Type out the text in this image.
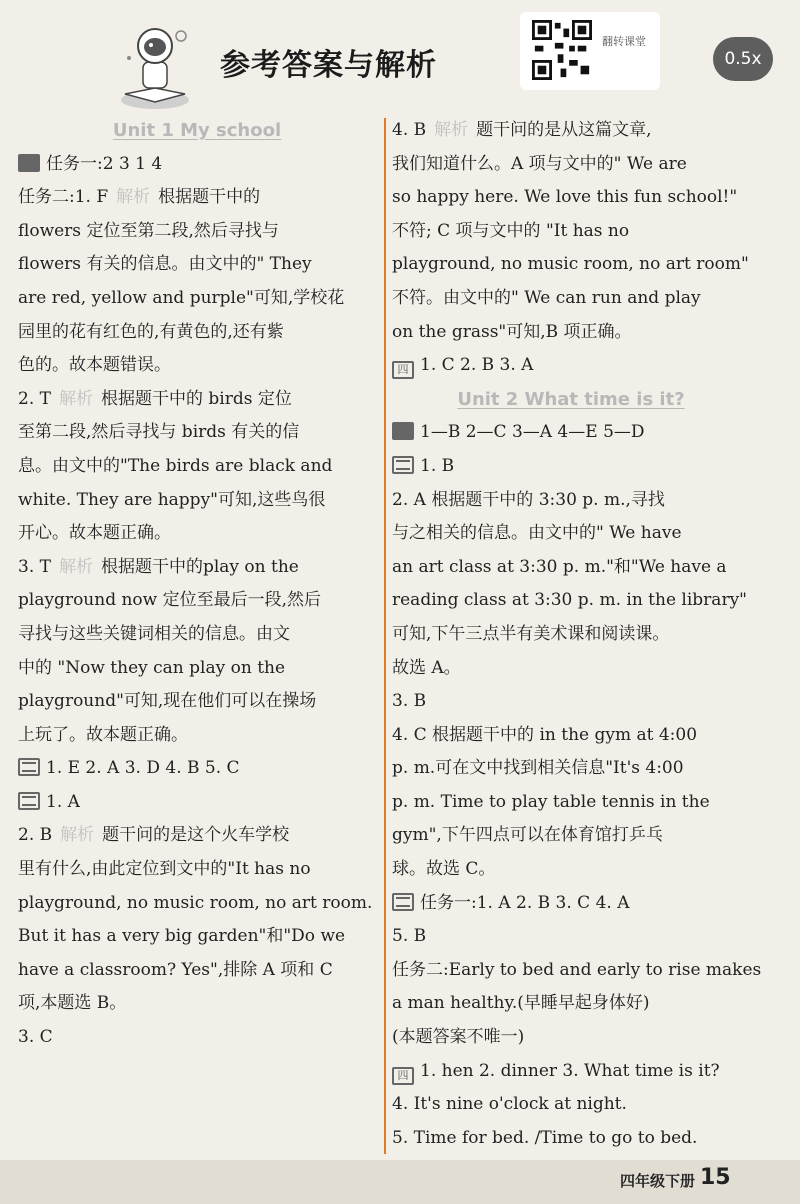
参考答案与解析
翻转课堂
0.5x
Unit 1 My school
任务一:2 3 1 4
任务二:1. F 解析 根据题干中的
flowers 定位至第二段,然后寻找与
flowers 有关的信息。由文中的" They
are red, yellow and purple"可知,学校花
园里的花有红色的,有黄色的,还有紫
色的。故本题错误。
2. T 解析 根据题干中的 birds 定位
至第二段,然后寻找与 birds 有关的信
息。由文中的"The birds are black and
white. They are happy"可知,这些鸟很
开心。故本题正确。
3. T 解析 根据题干中的play on the
playground now 定位至最后一段,然后
寻找与这些关键词相关的信息。由文
中的 "Now they can play on the
playground"可知,现在他们可以在操场
上玩了。故本题正确。
1. E 2. A 3. D 4. B 5. C
1. A
2. B 解析 题干问的是这个火车学校
里有什么,由此定位到文中的"It has no
playground, no music room, no art room.
But it has a very big garden"和"Do we
have a classroom? Yes",排除 A 项和 C
项,本题选 B。
3. C
4. B 解析 题干问的是从这篇文章,
我们知道什么。A 项与文中的" We are
so happy here. We love this fun school!"
不符; C 项与文中的 "It has no
playground, no music room, no art room"
不符。由文中的" We can run and play
on the grass"可知,B 项正确。
四 1. C 2. B 3. A
Unit 2 What time is it?
1—B 2—C 3—A 4—E 5—D
1. B
2. A 根据题干中的 3:30 p. m.,寻找
与之相关的信息。由文中的" We have
an art class at 3:30 p. m."和"We have a
reading class at 3:30 p. m. in the library"
可知,下午三点半有美术课和阅读课。
故选 A。
3. B
4. C 根据题干中的 in the gym at 4:00
p. m.可在文中找到相关信息"It's 4:00
p. m. Time to play table tennis in the
gym",下午四点可以在体育馆打乒乓
球。故选 C。
任务一:1. A 2. B 3. C 4. A
5. B
任务二:Early to bed and early to rise makes
a man healthy.(早睡早起身体好)
(本题答案不唯一)
四 1. hen 2. dinner 3. What time is it?
4. It's nine o'clock at night.
5. Time for bed. /Time to go to bed.
四年级下册 15
